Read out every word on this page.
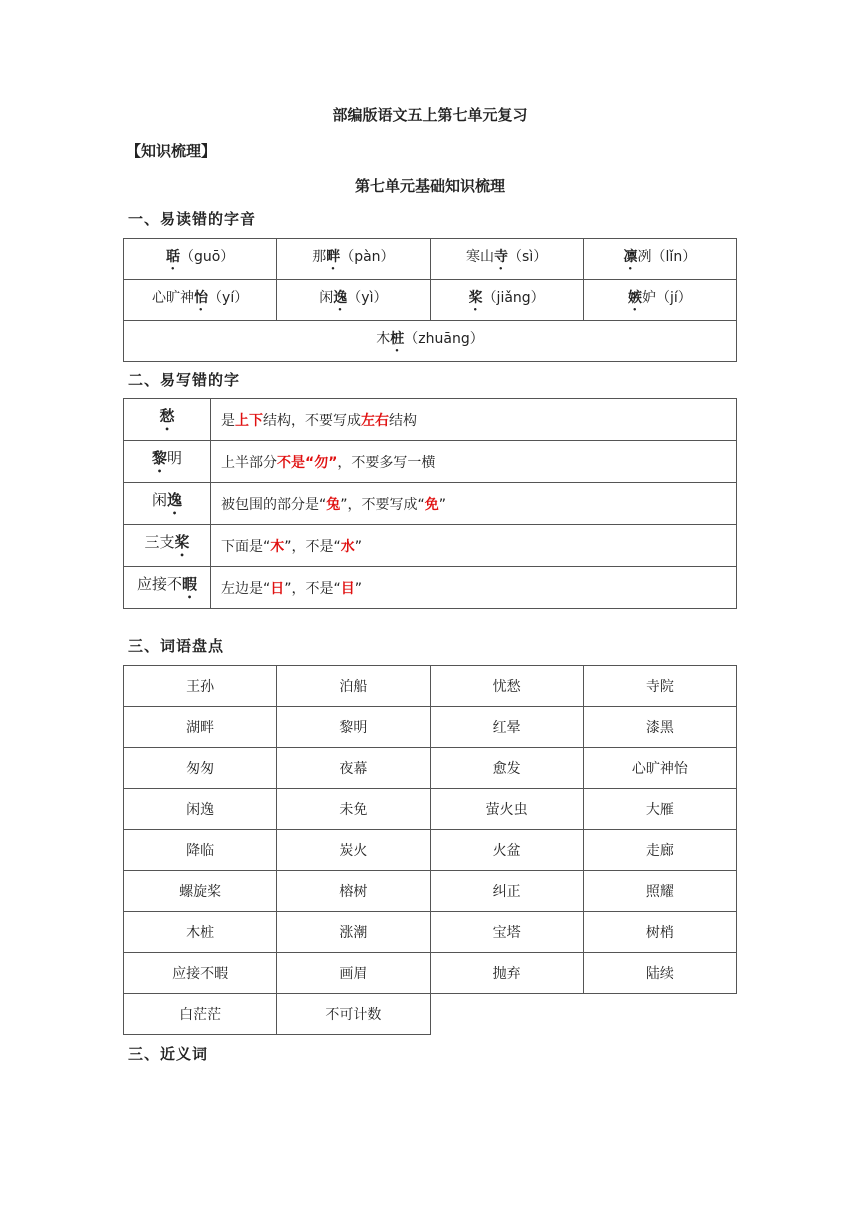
部编版语文五上第七单元复习
【知识梳理】
第七单元基础知识梳理
一、易读错的字音
聒（guō）	那畔（pàn）	寒山寺（sì）	凛冽（lǐn）
心旷神怡（yí）	闲逸（yì）	桨（jiǎng）	嫉妒（jí）
木桩（zhuāng）			
二、易写错的字
愁	是上下结构，不要写成左右结构
黎明	上半部分不是“勿”，不要多写一横
闲逸	被包围的部分是“兔”，不要写成“免”
三支桨	下面是“木”，不是“水”
应接不暇	左边是“日”，不是“目”
三、词语盘点
王孙	泊船	忧愁	寺院
湖畔	黎明	红晕	漆黑
匆匆	夜幕	愈发	心旷神怡
闲逸	未免	萤火虫	大雁
降临	炭火	火盆	走廊
螺旋桨	榕树	纠正	照耀
木桩	涨潮	宝塔	树梢
应接不暇	画眉	抛弃	陆续
白茫茫	不可计数		
三、近义词
